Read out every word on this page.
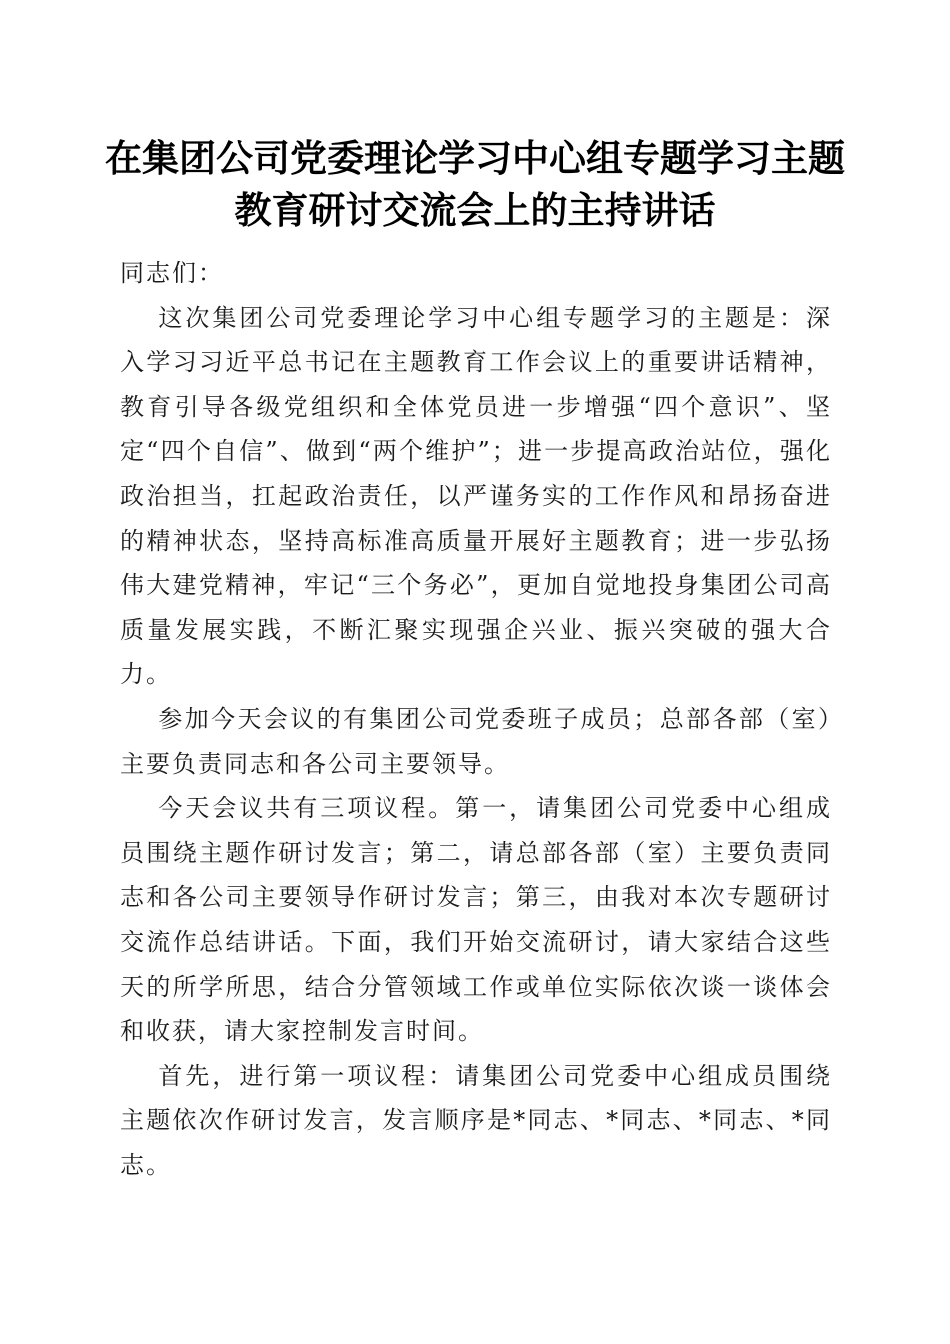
在集团公司党委理论学习中心组专题学习主题
教育研讨交流会上的主持讲话

同志们：

这次集团公司党委理论学习中心组专题学习的主题是：深入学习习近平总书记在主题教育工作会议上的重要讲话精神，教育引导各级党组织和全体党员进一步增强“四个意识”、坚定“四个自信”、做到“两个维护”；进一步提高政治站位，强化政治担当，扛起政治责任，以严谨务实的工作作风和昂扬奋进的精神状态，坚持高标准高质量开展好主题教育；进一步弘扬伟大建党精神，牢记“三个务必”，更加自觉地投身集团公司高质量发展实践，不断汇聚实现强企兴业、振兴突破的强大合力。

参加今天会议的有集团公司党委班子成员；总部各部（室）主要负责同志和各公司主要领导。

今天会议共有三项议程。第一，请集团公司党委中心组成员围绕主题作研讨发言；第二，请总部各部（室）主要负责同志和各公司主要领导作研讨发言；第三，由我对本次专题研讨交流作总结讲话。下面，我们开始交流研讨，请大家结合这些天的所学所思，结合分管领域工作或单位实际依次谈一谈体会和收获，请大家控制发言时间。

首先，进行第一项议程：请集团公司党委中心组成员围绕主题依次作研讨发言，发言顺序是*同志、*同志、*同志、*同志。
